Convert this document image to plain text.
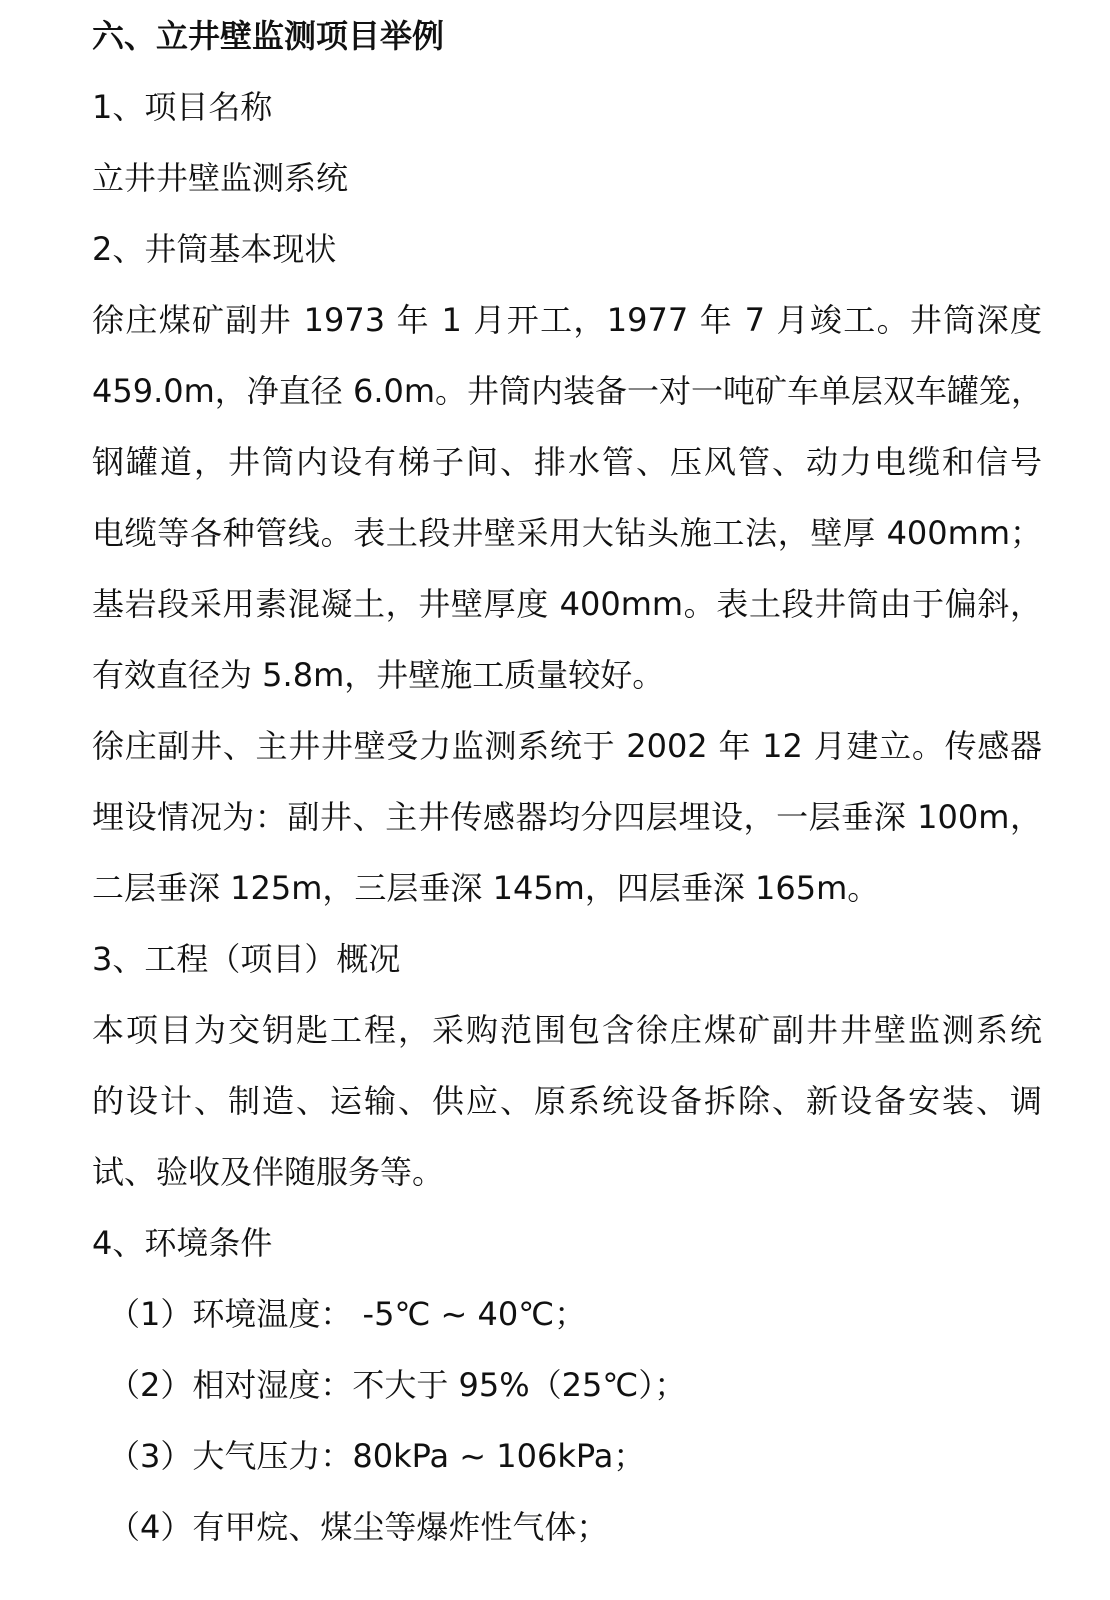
六、立井壁监测项目举例
1、项目名称
立井井壁监测系统
2、井筒基本现状
徐庄煤矿副井 1973 年 1 月开工，1977 年 7 月竣工。井筒深度
459.0m，净直径 6.0m。井筒内装备一对一吨矿车单层双车罐笼，
钢罐道，井筒内设有梯子间、排水管、压风管、动力电缆和信号
电缆等各种管线。表土段井壁采用大钻头施工法，壁厚 400mm；
基岩段采用素混凝土，井壁厚度 400mm。表土段井筒由于偏斜，
有效直径为 5.8m，井壁施工质量较好。
徐庄副井、主井井壁受力监测系统于 2002 年 12 月建立。传感器
埋设情况为：副井、主井传感器均分四层埋设，一层垂深 100m，
二层垂深 125m，三层垂深 145m，四层垂深 165m。
3、工程（项目）概况
本项目为交钥匙工程，采购范围包含徐庄煤矿副井井壁监测系统
的设计、制造、运输、供应、原系统设备拆除、新设备安装、调
试、验收及伴随服务等。
4、环境条件
（1）环境温度： -5℃ ~ 40℃；
（2）相对湿度：不大于 95%（25℃）；
（3）大气压力：80kPa ~ 106kPa；
（4）有甲烷、煤尘等爆炸性气体；
